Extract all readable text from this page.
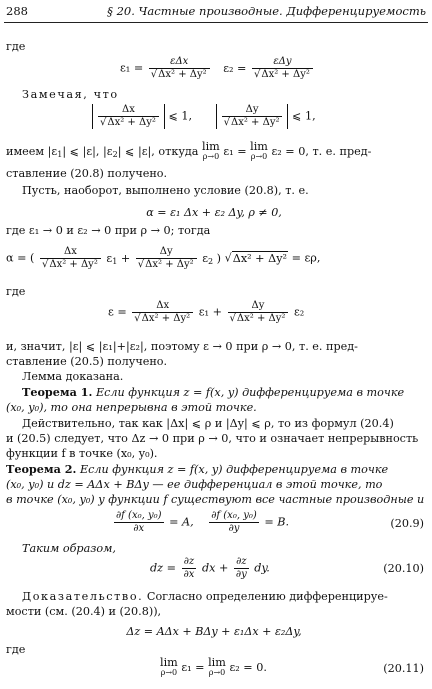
288	§ 20. Частные производные. Дифференцируемость
где
$\varepsilon_1 = \frac{\text{εΔx}}{\text{√Δx² + Δy²}} \varepsilon_2 = \frac{\text{εΔy}}{\text{√Δx² + Δy²}}$
Замечая, что
$\frac{\Delta x}{\text{√Δx² + Δy²}}$ ⩽ 1,	$\frac{\Delta y}{\text{√Δx² + Δy²}}$ ⩽ 1,
имеем |ε1| ⩽ |ε|, |ε2| ⩽ |ε|, откуда lim
ρ→0 ε₁ = lim
ρ→0 ε₂ = 0, т. е. пред-
ставление (20.8) получено.
Пусть, наоборот, выполнено условие (20.8), т. е.
α = ε₁ Δx + ε₂ Δy, ρ ≠ 0,
где ε₁ → 0 и ε₂ → 0 при ρ → 0; тогда
α = ( $\frac{\Delta x}{\text{√Δx² + Δy²}} \varepsilon 1 + \frac{\Delta y}{\text{√Δx² + Δy²}} \varepsilon 2$ ) √Δx² + Δy² = ερ,
где
$\varepsilon = \frac{\Delta x}{\text{√Δx² + Δy²}} \varepsilon_1 + \frac{\Delta y}{\text{√Δx² + Δy²}} \varepsilon_2$
и, значит, |ε| ⩽ |ε₁|+|ε₂|, поэтому ε → 0 при ρ → 0, т. е. пред-
ставление (20.5) получено.
Лемма доказана.
Теорема 1. Если функция z = f(x, y) дифференцируема в точке
(x₀, y₀), то она непрерывна в этой точке.
Действительно, так как |Δx| ⩽ ρ и |Δy| ⩽ ρ, то из формул (20.4)
и (20.5) следует, что Δz → 0 при ρ → 0, что и означает непрерывность
функции f в точке (x₀, y₀).
Теорема 2. Если функция z = f(x, y) дифференцируема в точке
(x₀, y₀) и dz = AΔx + BΔy — ее дифференциал в этой точке, то
в точке (x₀, y₀) у функции f существуют все частные производные и
$\frac{\text{∂f (x₀, y₀)}}{\partial x} = A$, $\frac{\text{∂f (x₀, y₀)}}{\partial y} = B$.	(20.9)
Таким образом,
dz = $\frac{\partial z}{\partial x}$ dx + $\frac{\partial z}{\partial y}$ dy.	(20.10)
Доказательство. Согласно определению дифференцируе-
мости (см. (20.4) и (20.8)),
Δz = AΔx + BΔy + ε₁Δx + ε₂Δy,
где
lim
ρ→0 ε₁ = lim
ρ→0 ε₂ = 0.	(20.11)
